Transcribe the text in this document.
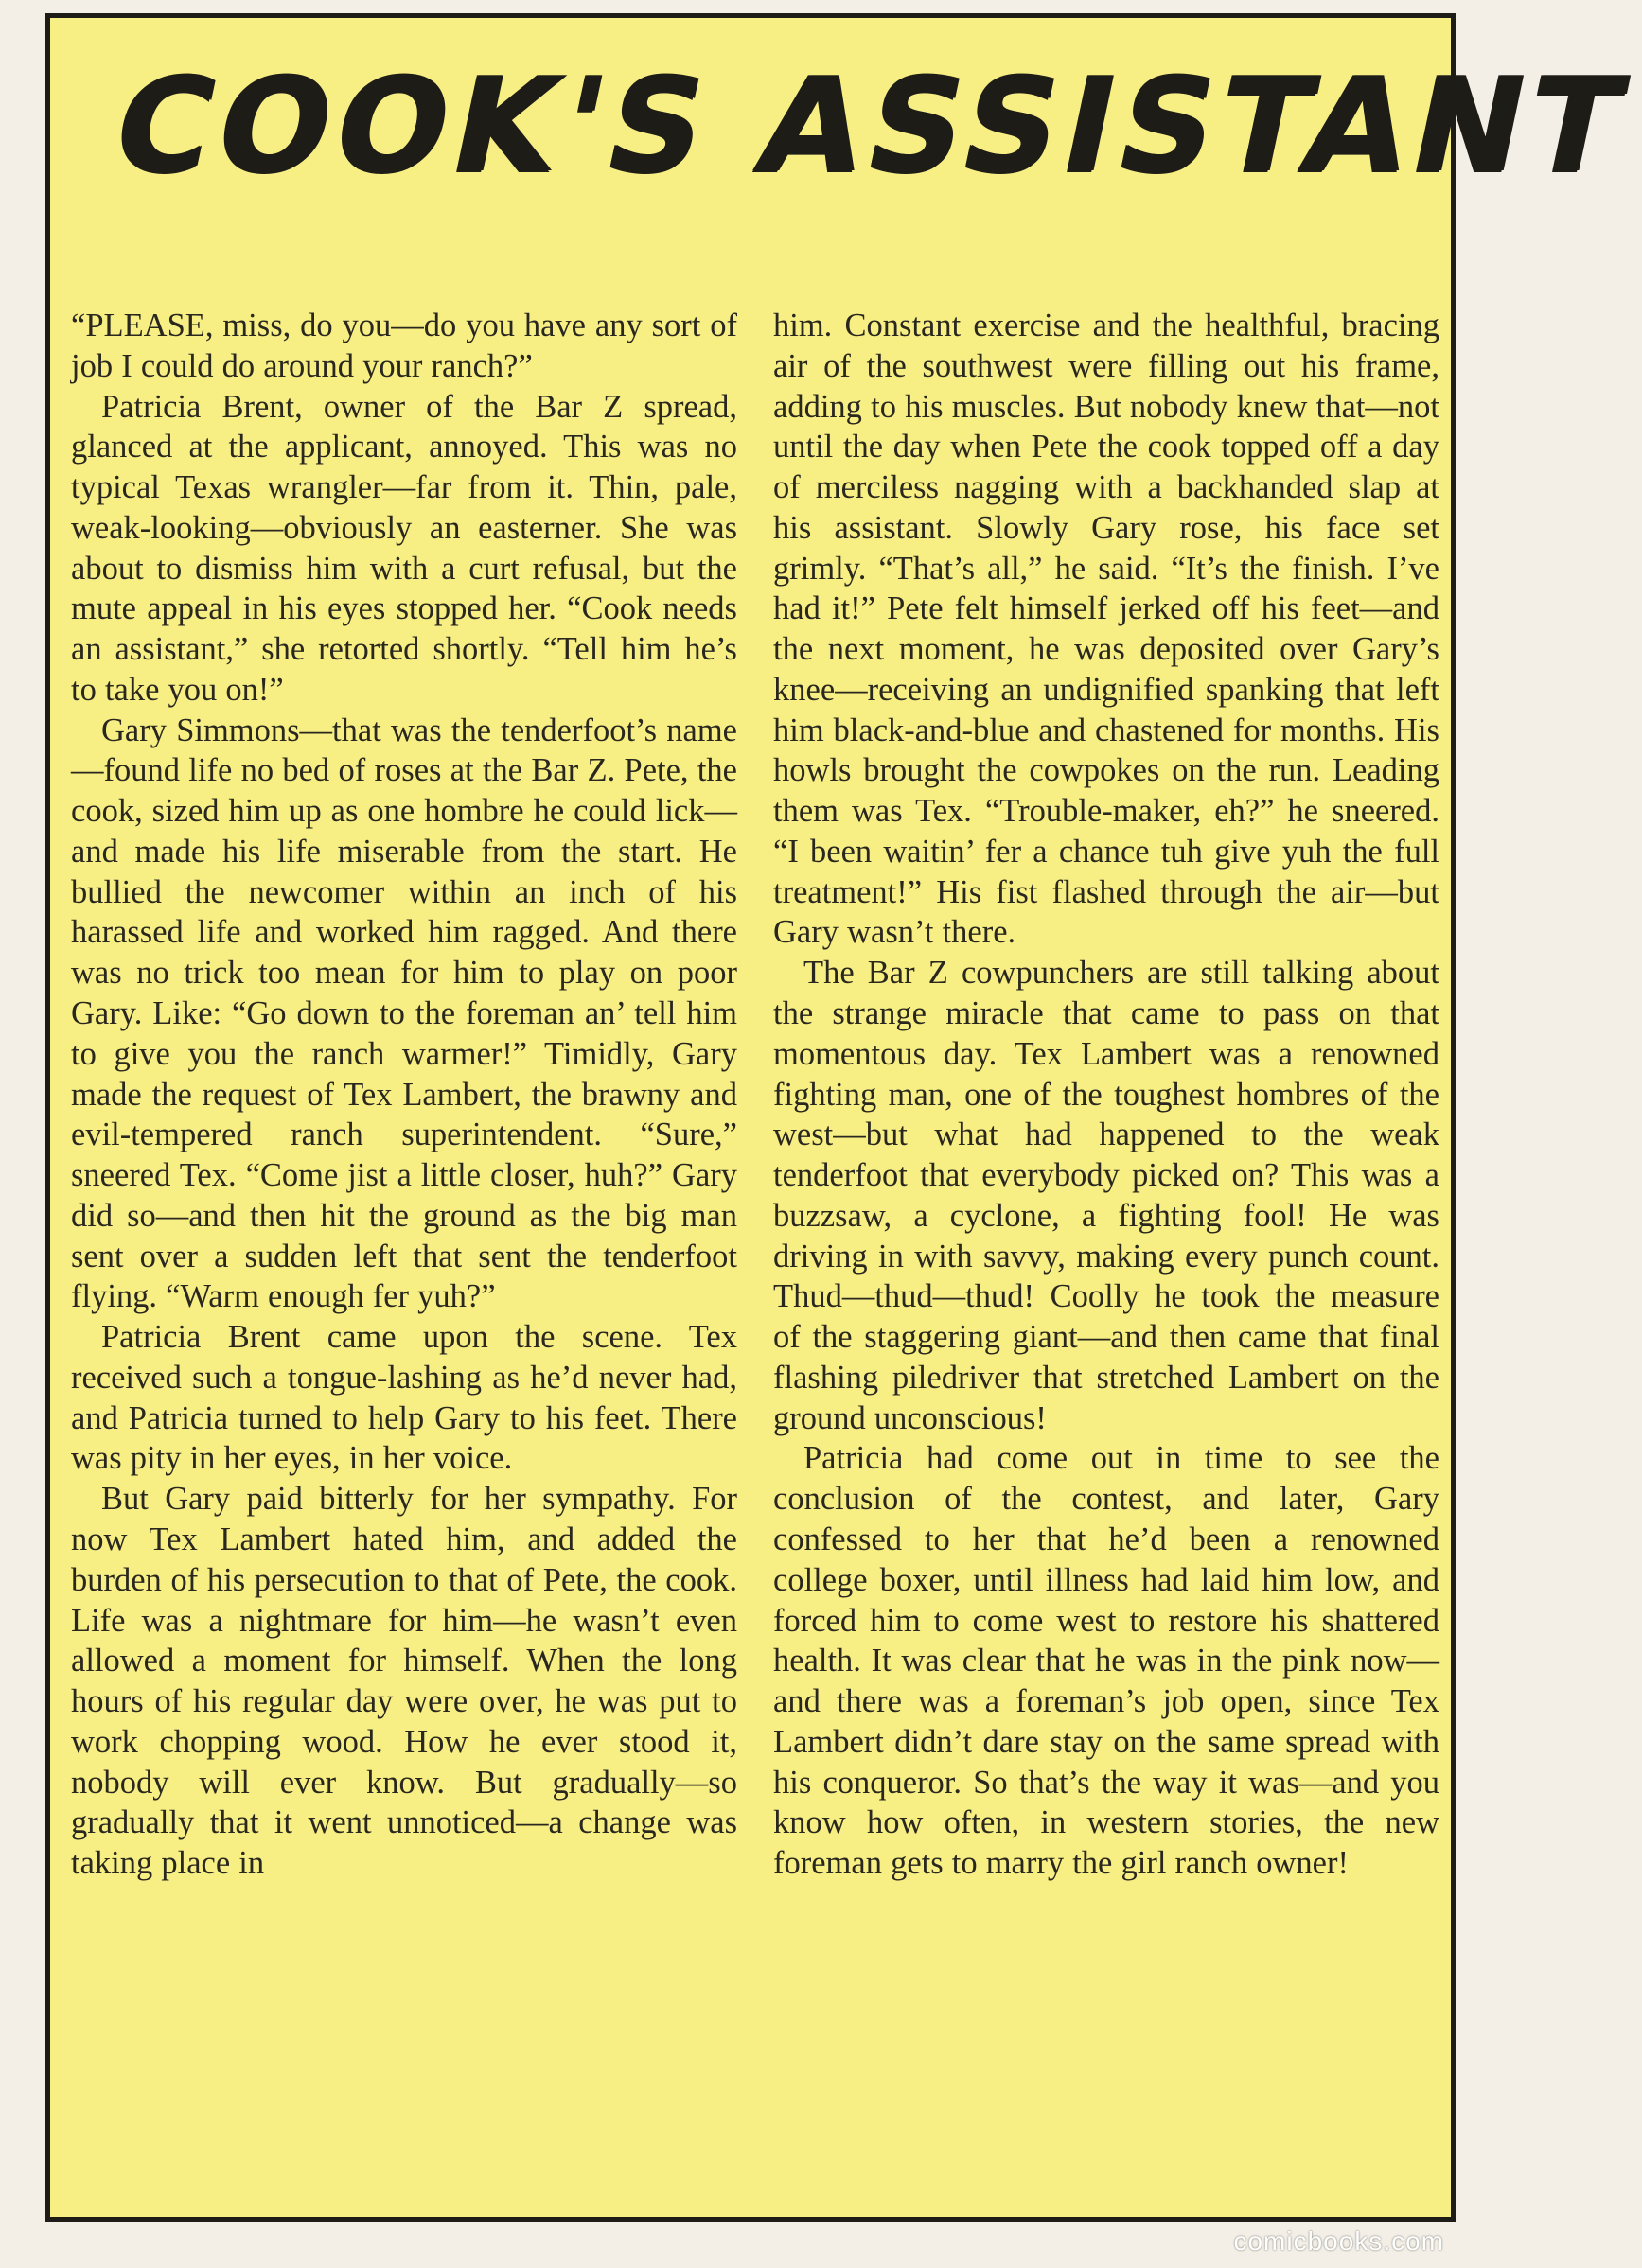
COOK'S ASSISTANT

“PLEASE, miss, do you—do you have any sort of job I could do around your ranch?”

Patricia Brent, owner of the Bar Z spread, glanced at the applicant, annoyed. This was no typical Texas wrangler—far from it. Thin, pale, weak-looking—obviously an easterner. She was about to dismiss him with a curt refusal, but the mute appeal in his eyes stopped her. “Cook needs an assistant,” she retorted shortly. “Tell him he’s to take you on!”

Gary Simmons—that was the tenderfoot’s name—found life no bed of roses at the Bar Z. Pete, the cook, sized him up as one hombre he could lick—and made his life miserable from the start. He bullied the newcomer within an inch of his harassed life and worked him ragged. And there was no trick too mean for him to play on poor Gary. Like: “Go down to the foreman an’ tell him to give you the ranch warmer!” Timidly, Gary made the request of Tex Lambert, the brawny and evil-tempered ranch superintendent. “Sure,” sneered Tex. “Come jist a little closer, huh?” Gary did so—and then hit the ground as the big man sent over a sudden left that sent the tenderfoot flying. “Warm enough fer yuh?”

Patricia Brent came upon the scene. Tex received such a tongue-lashing as he’d never had, and Patricia turned to help Gary to his feet. There was pity in her eyes, in her voice.

But Gary paid bitterly for her sympathy. For now Tex Lambert hated him, and added the burden of his persecution to that of Pete, the cook. Life was a nightmare for him—he wasn’t even allowed a moment for himself. When the long hours of his regular day were over, he was put to work chopping wood. How he ever stood it, nobody will ever know. But gradually—so gradually that it went unnoticed—a change was taking place in

him. Constant exercise and the healthful, bracing air of the southwest were filling out his frame, adding to his muscles. But nobody knew that—not until the day when Pete the cook topped off a day of merciless nagging with a backhanded slap at his assistant. Slowly Gary rose, his face set grimly. “That’s all,” he said. “It’s the finish. I’ve had it!” Pete felt himself jerked off his feet—and the next moment, he was deposited over Gary’s knee—receiving an undignified spanking that left him black-and-blue and chastened for months. His howls brought the cowpokes on the run. Leading them was Tex. “Trouble-maker, eh?” he sneered. “I been waitin’ fer a chance tuh give yuh the full treatment!” His fist flashed through the air—but Gary wasn’t there.

The Bar Z cowpunchers are still talking about the strange miracle that came to pass on that momentous day. Tex Lambert was a renowned fighting man, one of the toughest hombres of the west—but what had happened to the weak tenderfoot that everybody picked on? This was a buzzsaw, a cyclone, a fighting fool! He was driving in with savvy, making every punch count. Thud—thud—thud! Coolly he took the measure of the staggering giant—and then came that final flashing piledriver that stretched Lambert on the ground unconscious!

Patricia had come out in time to see the conclusion of the contest, and later, Gary confessed to her that he’d been a renowned college boxer, until illness had laid him low, and forced him to come west to restore his shattered health. It was clear that he was in the pink now—and there was a foreman’s job open, since Tex Lambert didn’t dare stay on the same spread with his conqueror. So that’s the way it was—and you know how often, in western stories, the new foreman gets to marry the girl ranch owner!

comicbooks.com
